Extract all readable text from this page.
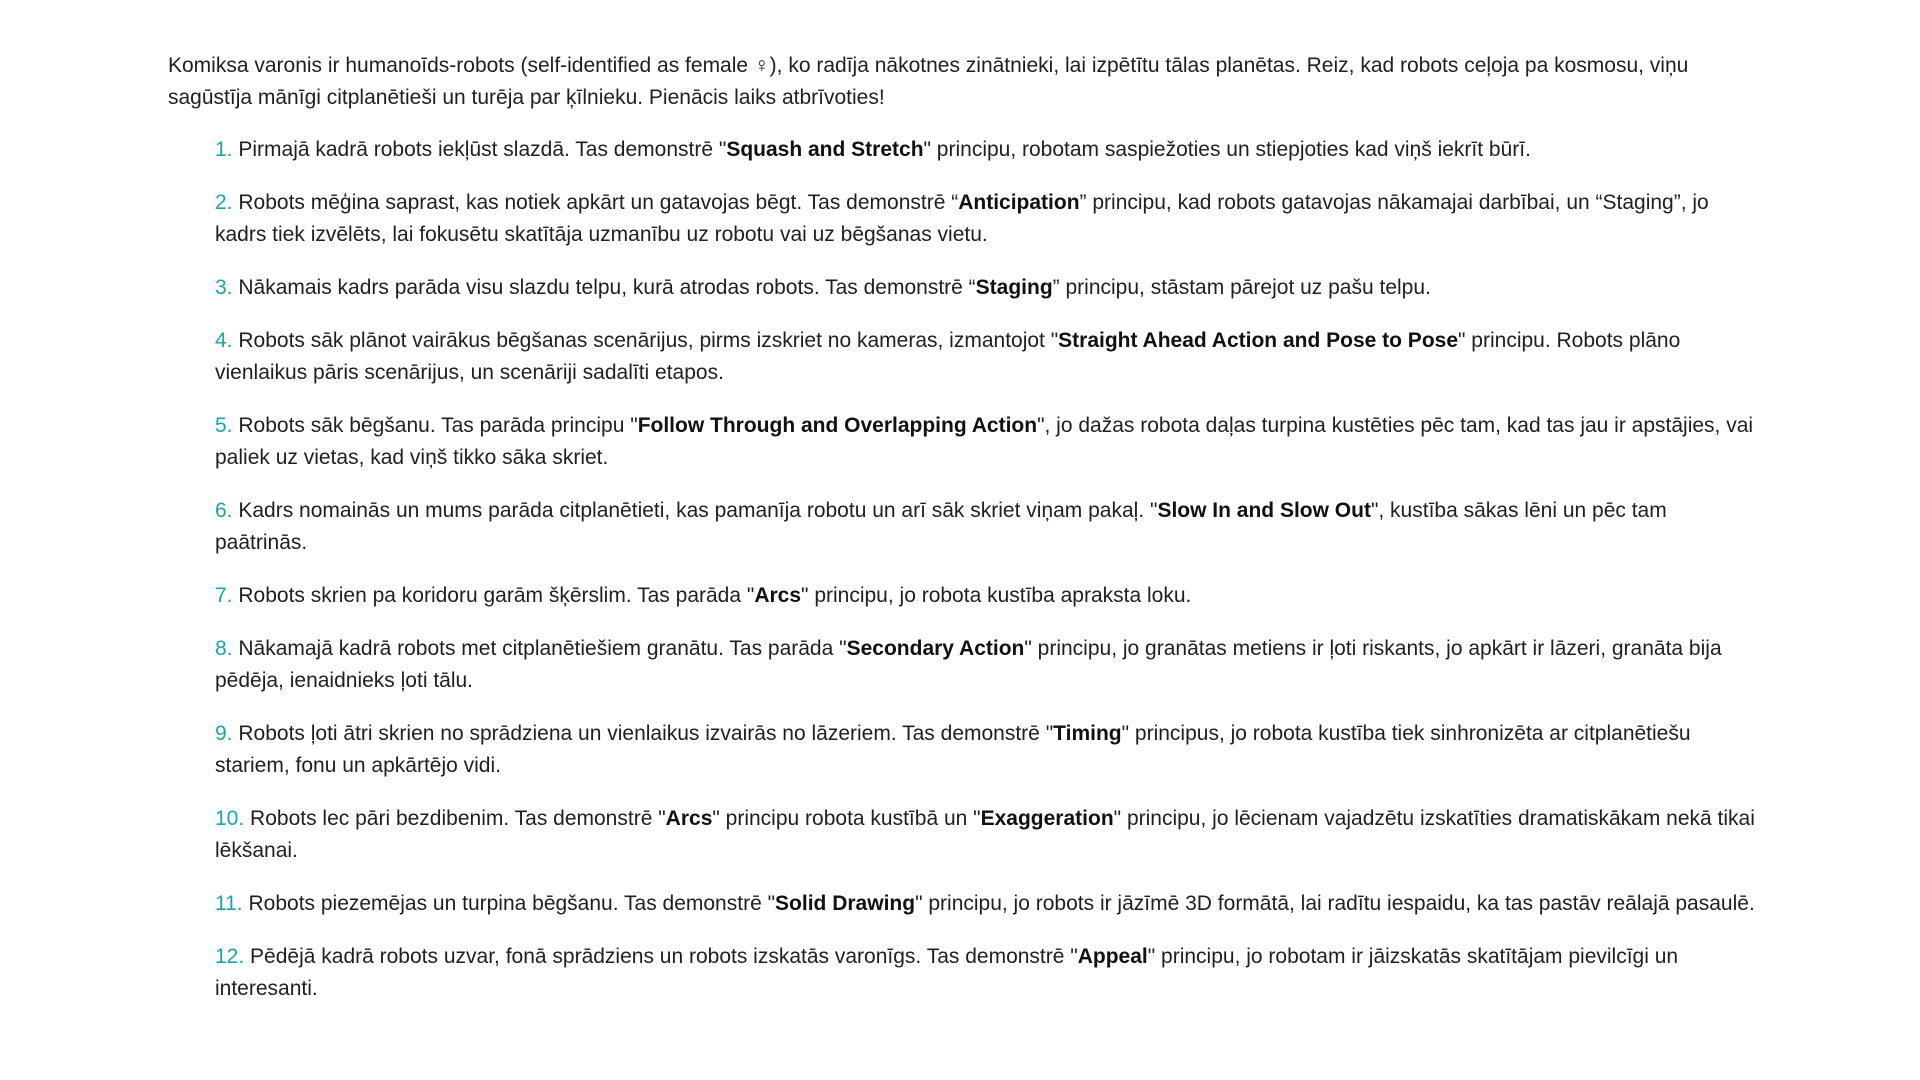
Komiksa varonis ir humanoīds-robots (self-identified as female ♀), ko radīja nākotnes zinātnieki, lai izpētītu tālas planētas. Reiz, kad robots ceļoja pa kosmosu, viņu sagūstīja mānīgi citplanētieši un turēja par ķīlnieku. Pienācis laiks atbrīvoties!

1. Pirmajā kadrā robots iekļūst slazdā. Tas demonstrē "Squash and Stretch" principu, robotam saspiežoties un stiepjoties kad viņš iekrīt būrī.
2. Robots mēģina saprast, kas notiek apkārt un gatavojas bēgt. Tas demonstrē “Anticipation” principu, kad robots gatavojas nākamajai darbībai, un “Staging”, jo kadrs tiek izvēlēts, lai fokusētu skatītāja uzmanību uz robotu vai uz bēgšanas vietu.
3. Nākamais kadrs parāda visu slazdu telpu, kurā atrodas robots. Tas demonstrē “Staging” principu, stāstam pārejot uz pašu telpu.
4. Robots sāk plānot vairākus bēgšanas scenārijus, pirms izskriet no kameras, izmantojot "Straight Ahead Action and Pose to Pose" principu. Robots plāno vienlaikus pāris scenārijus, un scenāriji sadalīti etapos.
5. Robots sāk bēgšanu. Tas parāda principu "Follow Through and Overlapping Action", jo dažas robota daļas turpina kustēties pēc tam, kad tas jau ir apstājies, vai paliek uz vietas, kad viņš tikko sāka skriet.
6. Kadrs nomainās un mums parāda citplanētieti, kas pamanīja robotu un arī sāk skriet viņam pakaļ. "Slow In and Slow Out", kustība sākas lēni un pēc tam paātrinās.
7. Robots skrien pa koridoru garām šķērslim. Tas parāda "Arcs" principu, jo robota kustība apraksta loku.
8. Nākamajā kadrā robots met citplanētiešiem granātu. Tas parāda "Secondary Action" principu, jo granātas metiens ir ļoti riskants, jo apkārt ir lāzeri, granāta bija pēdēja, ienaidnieks ļoti tālu.
9. Robots ļoti ātri skrien no sprādziena un vienlaikus izvairās no lāzeriem. Tas demonstrē "Timing" principus, jo robota kustība tiek sinhronizēta ar citplanētiešu stariem, fonu un apkārtējo vidi.
10. Robots lec pāri bezdibenim. Tas demonstrē "Arcs" principu robota kustībā un "Exaggeration" principu, jo lēcienam vajadzētu izskatīties dramatiskākam nekā tikai lēkšanai.
11. Robots piezemējas un turpina bēgšanu. Tas demonstrē "Solid Drawing" principu, jo robots ir jāzīmē 3D formātā, lai radītu iespaidu, ka tas pastāv reālajā pasaulē.
12. Pēdējā kadrā robots uzvar, fonā sprādziens un robots izskatās varonīgs. Tas demonstrē "Appeal" principu, jo robotam ir jāizskatās skatītājam pievilcīgi un interesanti.
